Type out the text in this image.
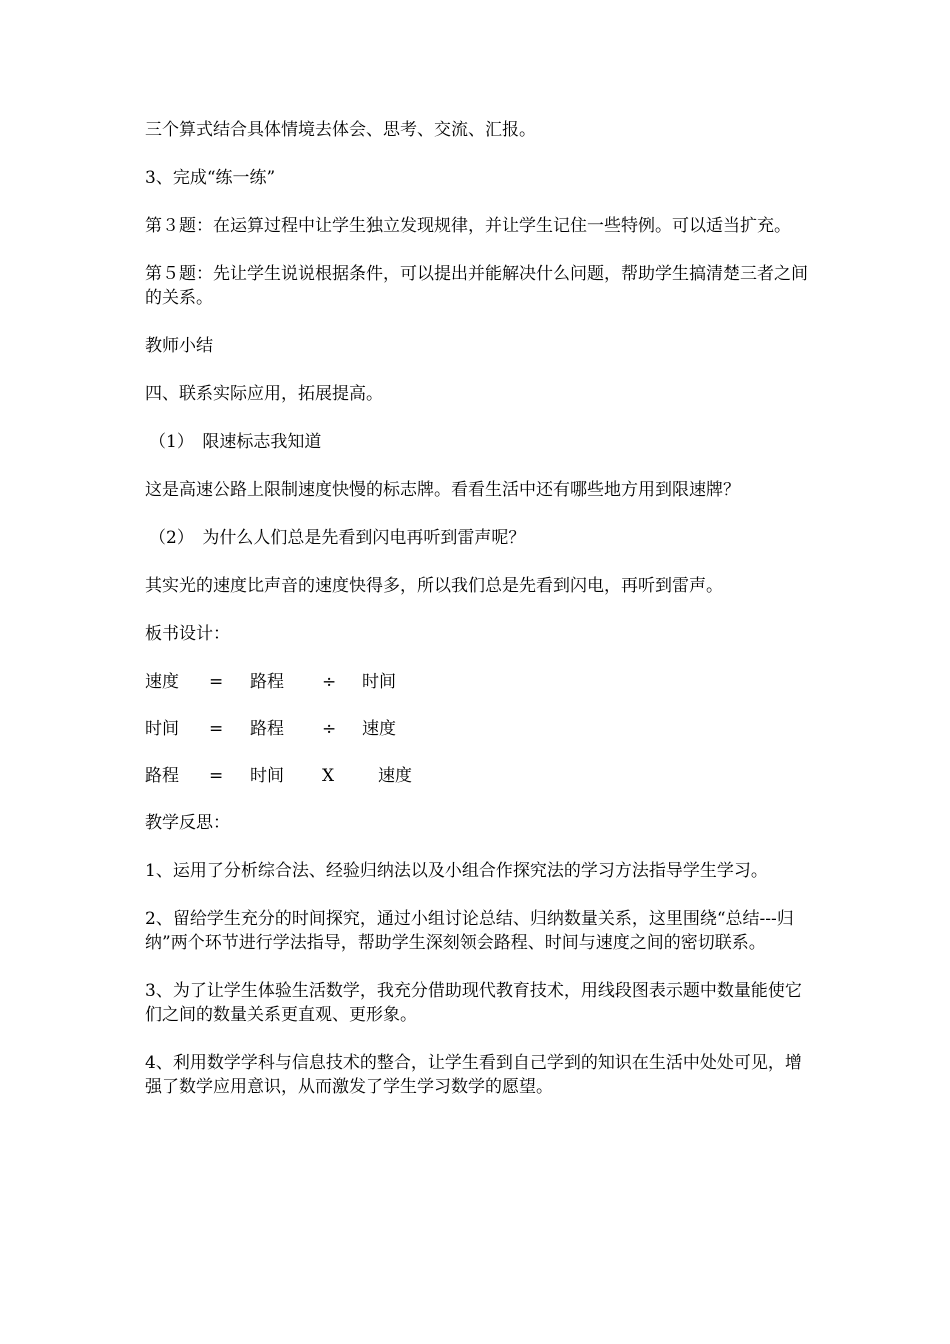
三个算式结合具体情境去体会、思考、交流、汇报。

3、完成“练一练”

第３题：在运算过程中让学生独立发现规律，并让学生记住一些特例。可以适当扩充。

第５题：先让学生说说根据条件，可以提出并能解决什么问题，帮助学生搞清楚三者之间的关系。

教师小结

四、联系实际应用，拓展提高。

（1）　限速标志我知道

这是高速公路上限制速度快慢的标志牌。看看生活中还有哪些地方用到限速牌？

（2）　为什么人们总是先看到闪电再听到雷声呢？

其实光的速度比声音的速度快得多，所以我们总是先看到闪电，再听到雷声。

板书设计：

速度	=	路程	÷	时间
时间	=	路程	÷	速度
路程	=	时间	X	速度

教学反思：

1、运用了分析综合法、经验归纳法以及小组合作探究法的学习方法指导学生学习。

2、留给学生充分的时间探究，通过小组讨论总结、归纳数量关系，这里围绕“总结---归纳”两个环节进行学法指导，帮助学生深刻领会路程、时间与速度之间的密切联系。

3、为了让学生体验生活数学，我充分借助现代教育技术，用线段图表示题中数量能使它们之间的数量关系更直观、更形象。

4、利用数学学科与信息技术的整合，让学生看到自己学到的知识在生活中处处可见，增强了数学应用意识，从而激发了学生学习数学的愿望。
